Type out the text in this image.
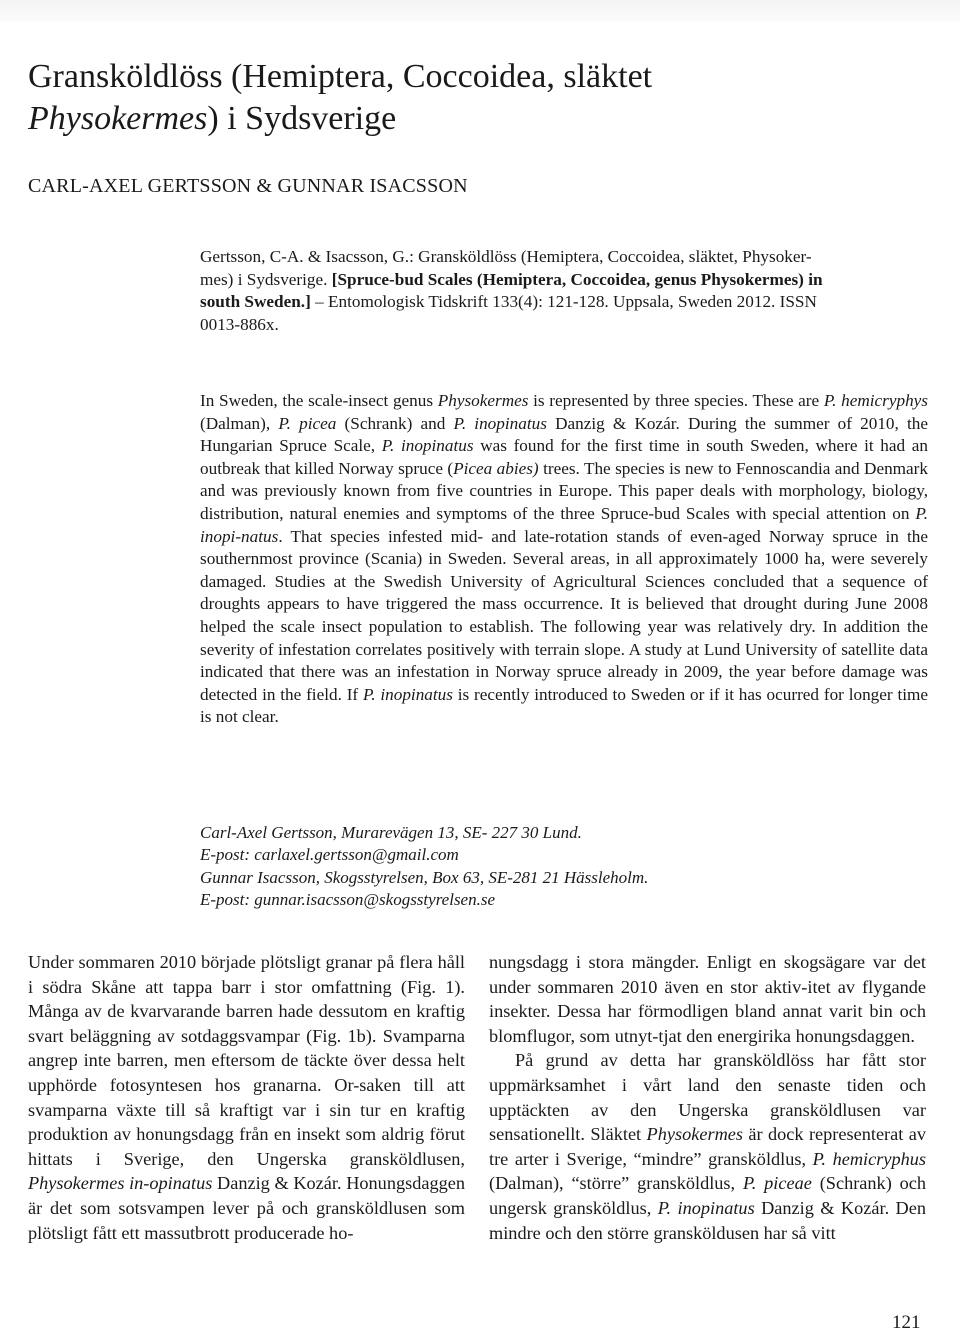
Gransköldlöss (Hemiptera, Coccoidea, släktet
Physokermes) i Sydsverige
CARL-AXEL GERTSSON & GUNNAR ISACSSON
Gertsson, C-A. & Isacsson, G.: Gransköldlöss (Hemiptera, Coccoidea, släktet, Physoker-
mes) i Sydsverige. [Spruce-bud Scales (Hemiptera, Coccoidea, genus Physokermes) in
south Sweden.] – Entomologisk Tidskrift 133(4): 121-128. Uppsala, Sweden 2012. ISSN
0013-886x.
In Sweden, the scale-insect genus Physokermes is represented by three species. These are P. hemicryphys (Dalman), P. picea (Schrank) and P. inopinatus Danzig & Kozár. During the summer of 2010, the Hungarian Spruce Scale, P. inopinatus was found for the first time in south Sweden, where it had an outbreak that killed Norway spruce (Picea abies) trees. The species is new to Fennoscandia and Denmark and was previously known from five countries in Europe. This paper deals with morphology, biology, distribution, natural enemies and symptoms of the three Spruce-bud Scales with special attention on P. inopi-natus. That species infested mid- and late-rotation stands of even-aged Norway spruce in the southernmost province (Scania) in Sweden. Several areas, in all approximately 1000 ha, were severely damaged. Studies at the Swedish University of Agricultural Sciences concluded that a sequence of droughts appears to have triggered the mass occurrence. It is believed that drought during June 2008 helped the scale insect population to establish. The following year was relatively dry. In addition the severity of infestation correlates positively with terrain slope. A study at Lund University of satellite data indicated that there was an infestation in Norway spruce already in 2009, the year before damage was detected in the field. If P. inopinatus is recently introduced to Sweden or if it has ocurred for longer time is not clear.
Carl-Axel Gertsson, Murarevägen 13, SE- 227 30 Lund.
E-post: carlaxel.gertsson@gmail.com
Gunnar Isacsson, Skogsstyrelsen, Box 63, SE-281 21 Hässleholm.
E-post: gunnar.isacsson@skogsstyrelsen.se

Under sommaren 2010 började plötsligt granar på flera håll i södra Skåne att tappa barr i stor omfattning (Fig. 1). Många av de kvarvarande barren hade dessutom en kraftig svart beläggning av sotdaggsvampar (Fig. 1b). Svamparna angrep inte barren, men eftersom de täckte över dessa helt upphörde fotosyntesen hos granarna. Or-saken till att svamparna växte till så kraftigt var i sin tur en kraftig produktion av honungsdagg från en insekt som aldrig förut hittats i Sverige, den Ungerska gransköldlusen, Physokermes in-opinatus Danzig & Kozár. Honungsdaggen är det som sotsvampen lever på och gransköldlusen som plötsligt fått ett massutbrott producerade ho-

nungsdagg i stora mängder. Enligt en skogsägare var det under sommaren 2010 även en stor aktiv-itet av flygande insekter. Dessa har förmodligen bland annat varit bin och blomflugor, som utnyt-tjat den energirika honungsdaggen.

På grund av detta har gransköldlöss har fått stor uppmärksamhet i vårt land den senaste tiden och upptäckten av den Ungerska gransköldlusen var sensationellt. Släktet Physokermes är dock representerat av tre arter i Sverige, “mindre” gransköldlus, P. hemicryphus (Dalman), “större” gransköldlus, P. piceae (Schrank) och ungersk gransköldlus, P. inopinatus Danzig & Kozár. Den mindre och den större gransköldusen har så vitt

121
